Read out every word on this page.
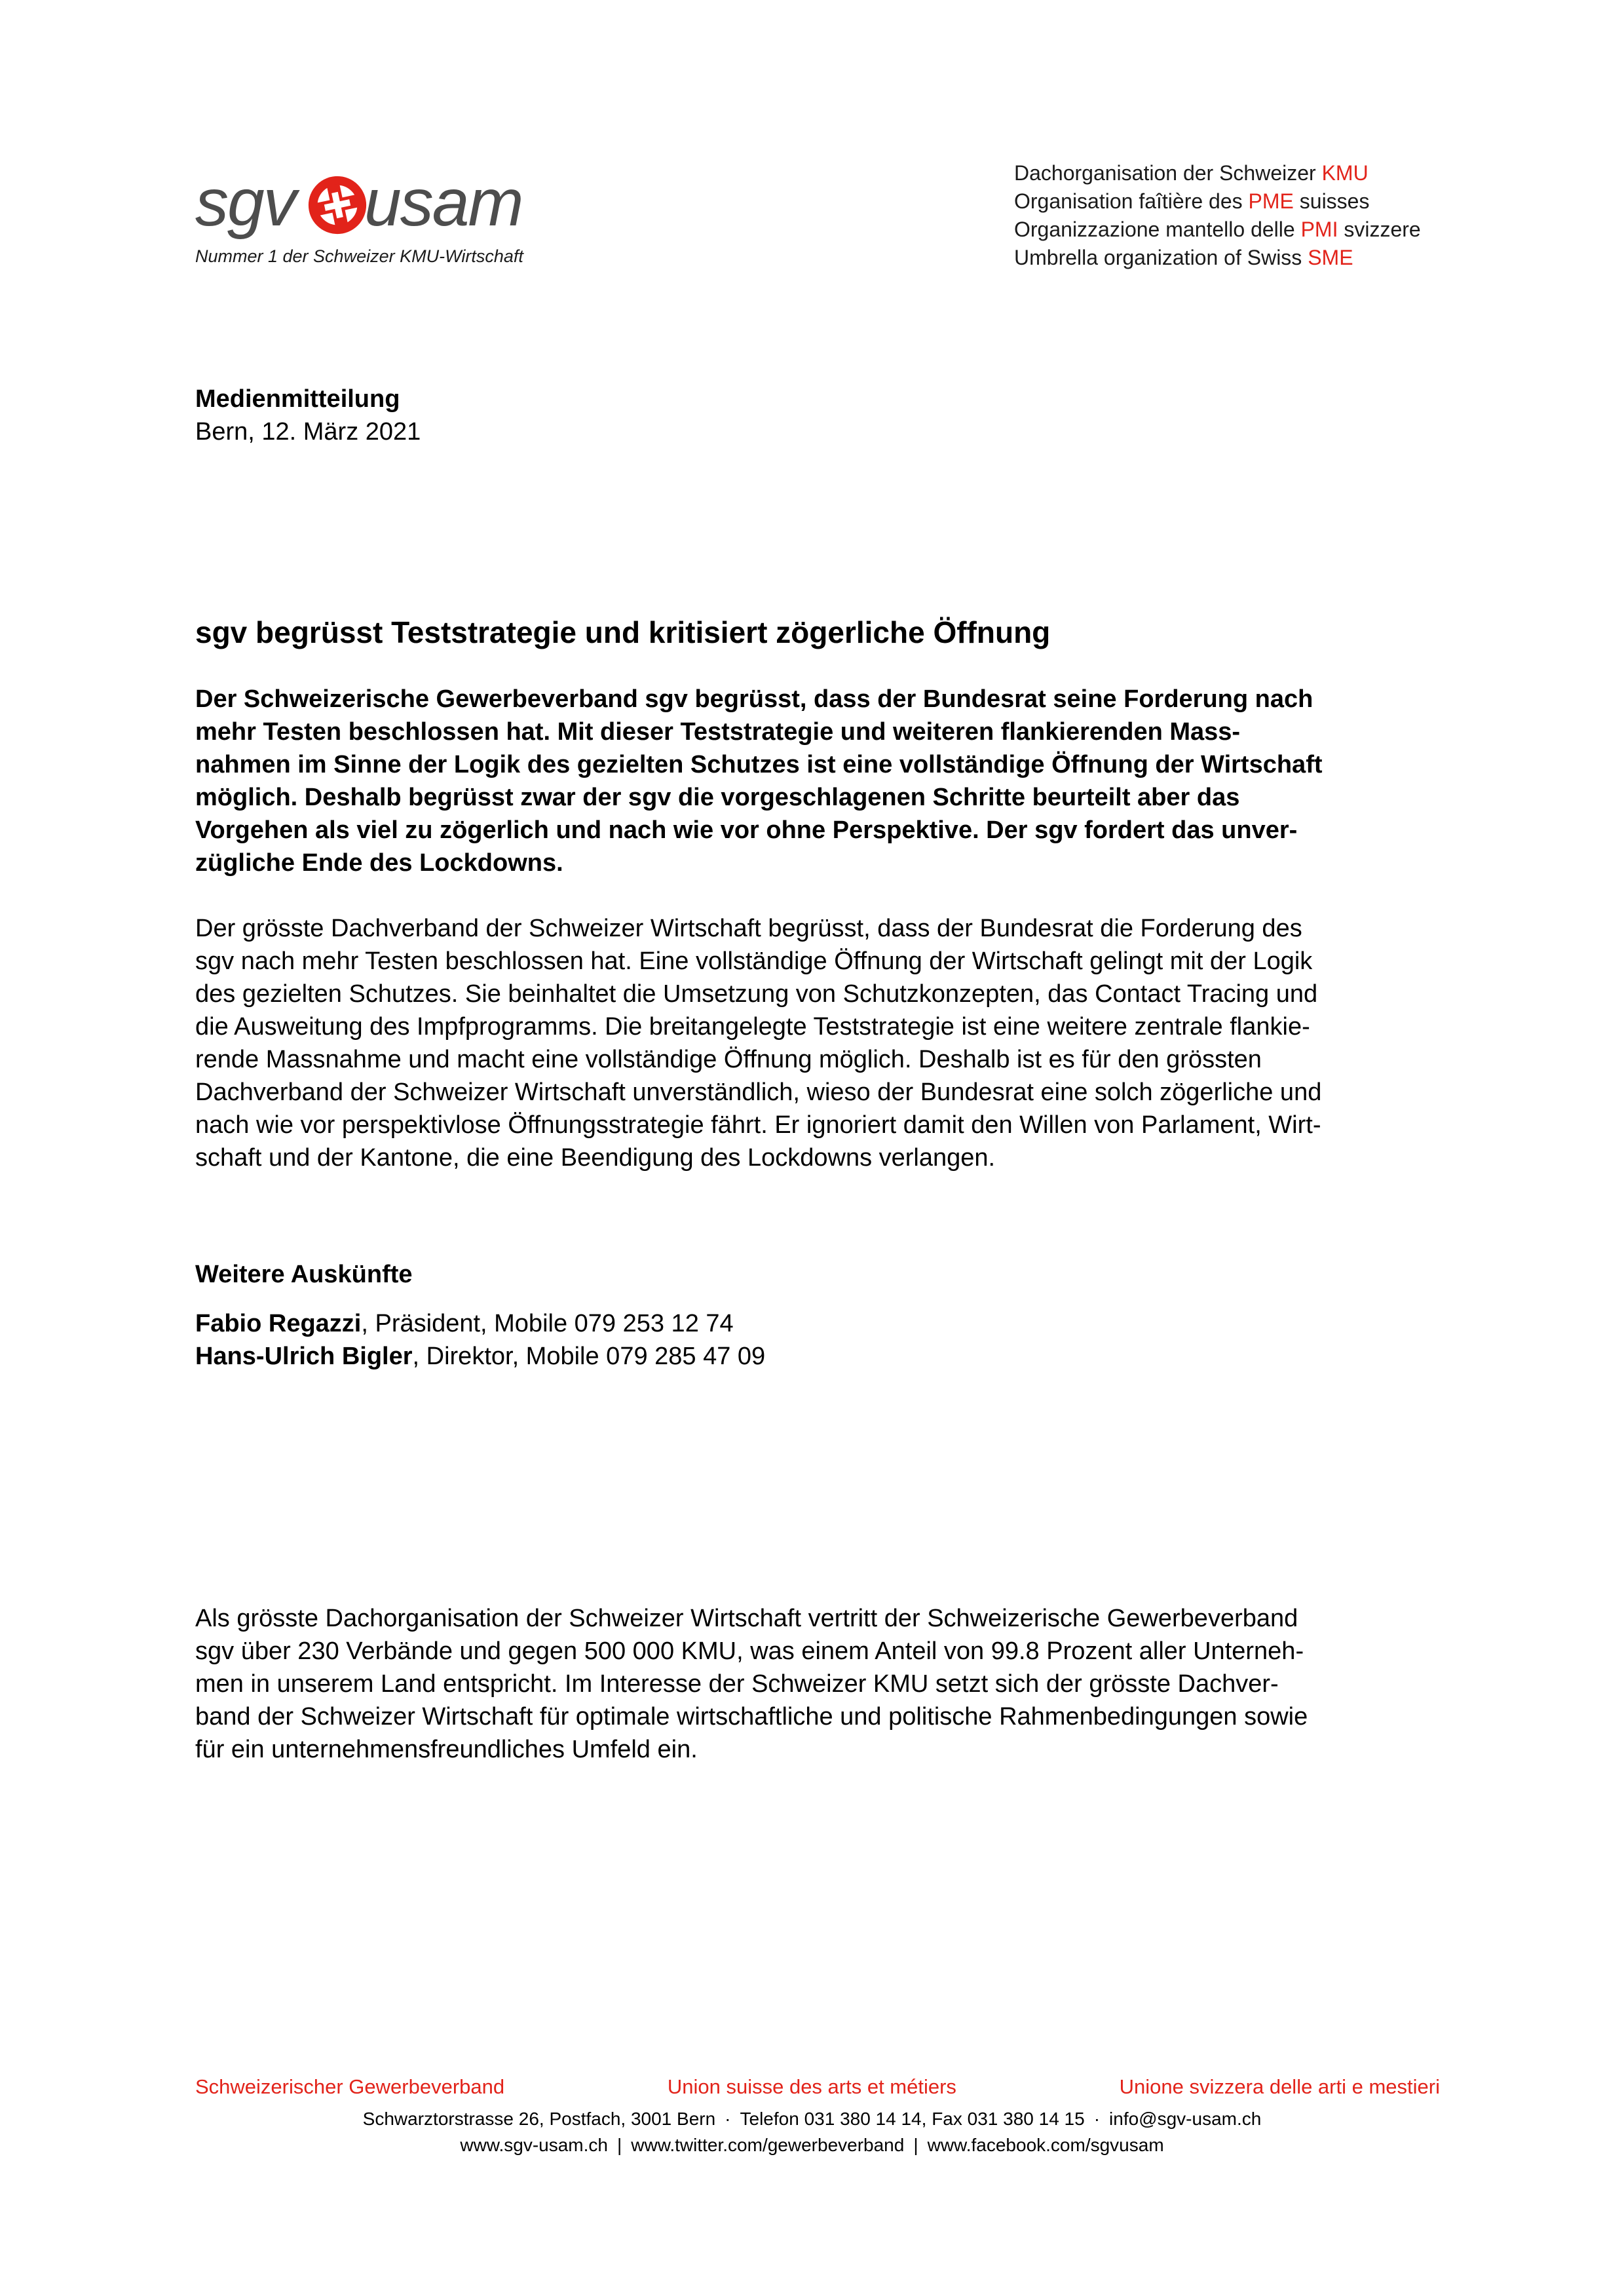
sgv usam
Nummer 1 der Schweizer KMU-Wirtschaft
Dachorganisation der Schweizer KMU
Organisation faîtière des PME suisses
Organizzazione mantello delle PMI svizzere
Umbrella organization of Swiss SME
Medienmitteilung
Bern, 12. März 2021
sgv begrüsst Teststrategie und kritisiert zögerliche Öffnung
Der Schweizerische Gewerbeverband sgv begrüsst, dass der Bundesrat seine Forderung nach
mehr Testen beschlossen hat. Mit dieser Teststrategie und weiteren flankierenden Mass-
nahmen im Sinne der Logik des gezielten Schutzes ist eine vollständige Öffnung der Wirtschaft
möglich. Deshalb begrüsst zwar der sgv die vorgeschlagenen Schritte beurteilt aber das
Vorgehen als viel zu zögerlich und nach wie vor ohne Perspektive. Der sgv fordert das unver-
zügliche Ende des Lockdowns.
Der grösste Dachverband der Schweizer Wirtschaft begrüsst, dass der Bundesrat die Forderung des
sgv nach mehr Testen beschlossen hat. Eine vollständige Öffnung der Wirtschaft gelingt mit der Logik
des gezielten Schutzes. Sie beinhaltet die Umsetzung von Schutzkonzepten, das Contact Tracing und
die Ausweitung des Impfprogramms. Die breitangelegte Teststrategie ist eine weitere zentrale flankie-
rende Massnahme und macht eine vollständige Öffnung möglich. Deshalb ist es für den grössten
Dachverband der Schweizer Wirtschaft unverständlich, wieso der Bundesrat eine solch zögerliche und
nach wie vor perspektivlose Öffnungsstrategie fährt. Er ignoriert damit den Willen von Parlament, Wirt-
schaft und der Kantone, die eine Beendigung des Lockdowns verlangen.
Weitere Auskünfte
Fabio Regazzi, Präsident, Mobile 079 253 12 74
Hans-Ulrich Bigler, Direktor, Mobile 079 285 47 09
Als grösste Dachorganisation der Schweizer Wirtschaft vertritt der Schweizerische Gewerbeverband
sgv über 230 Verbände und gegen 500 000 KMU, was einem Anteil von 99.8 Prozent aller Unterneh-
men in unserem Land entspricht. Im Interesse der Schweizer KMU setzt sich der grösste Dachver-
band der Schweizer Wirtschaft für optimale wirtschaftliche und politische Rahmenbedingungen sowie
für ein unternehmensfreundliches Umfeld ein.
Schweizerischer Gewerbeverband	Union suisse des arts et métiers	Unione svizzera delle arti e mestieri
Schwarztorstrasse 26, Postfach, 3001 Bern · Telefon 031 380 14 14, Fax 031 380 14 15 · info@sgv-usam.ch
www.sgv-usam.ch | www.twitter.com/gewerbeverband | www.facebook.com/sgvusam
